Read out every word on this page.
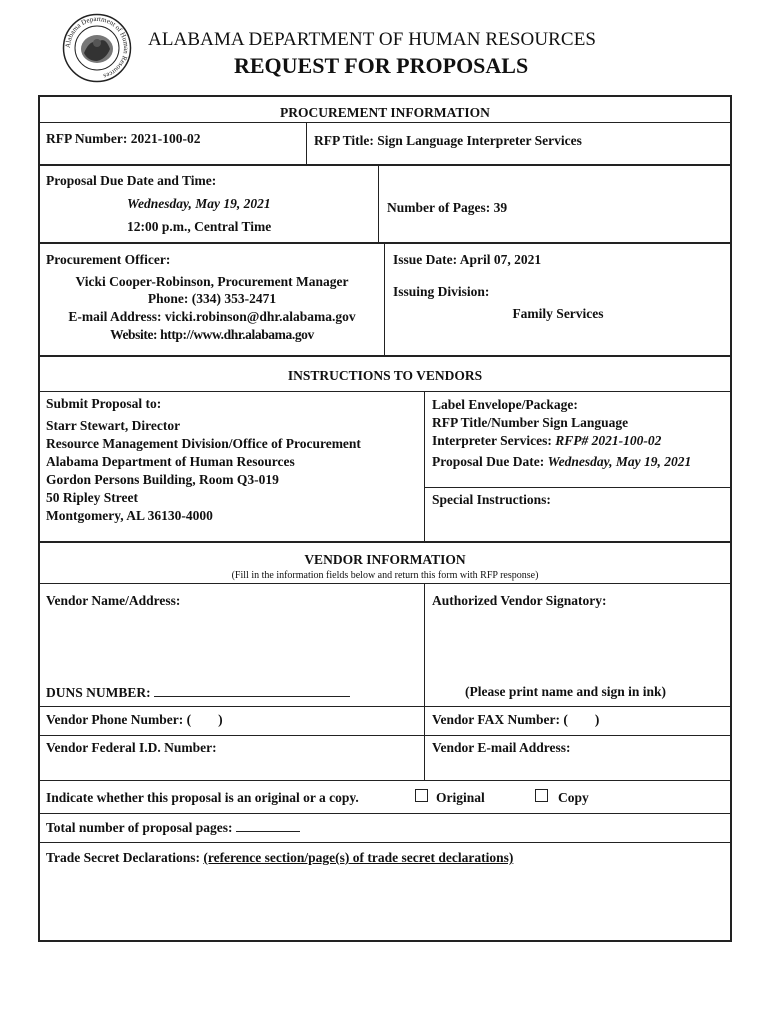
Alabama Department of Human Resources
ALABAMA DEPARTMENT OF HUMAN RESOURCES
REQUEST FOR PROPOSALS
PROCUREMENT INFORMATION
RFP Number: 2021-100-02	RFP Title: Sign Language Interpreter Services
Proposal Due Date and Time:
Wednesday, May 19, 2021
12:00 p.m., Central Time
Number of Pages: 39
Procurement Officer:
Vicki Cooper-Robinson, Procurement Manager
Phone: (334) 353-2471
E-mail Address: vicki.robinson@dhr.alabama.gov
Website: http://www.dhr.alabama.gov
Issue Date: April 07, 2021
Issuing Division:
Family Services
INSTRUCTIONS TO VENDORS
Submit Proposal to:
Starr Stewart, Director
Resource Management Division/Office of Procurement
Alabama Department of Human Resources
Gordon Persons Building, Room Q3-019
50 Ripley Street
Montgomery, AL 36130-4000
Label Envelope/Package:
RFP Title/Number Sign Language
Interpreter Services: RFP# 2021-100-02
Proposal Due Date: Wednesday, May 19, 2021
Special Instructions:
VENDOR INFORMATION
(Fill in the information fields below and return this form with RFP response)
Vendor Name/Address:	Authorized Vendor Signatory:
DUNS NUMBER:	(Please print name and sign in ink)
Vendor Phone Number: (        )	Vendor FAX Number: (        )
Vendor Federal I.D. Number:	Vendor E-mail Address:
Indicate whether this proposal is an original or a copy.	Original	Copy
Total number of proposal pages:
Trade Secret Declarations: (reference section/page(s) of trade secret declarations)
